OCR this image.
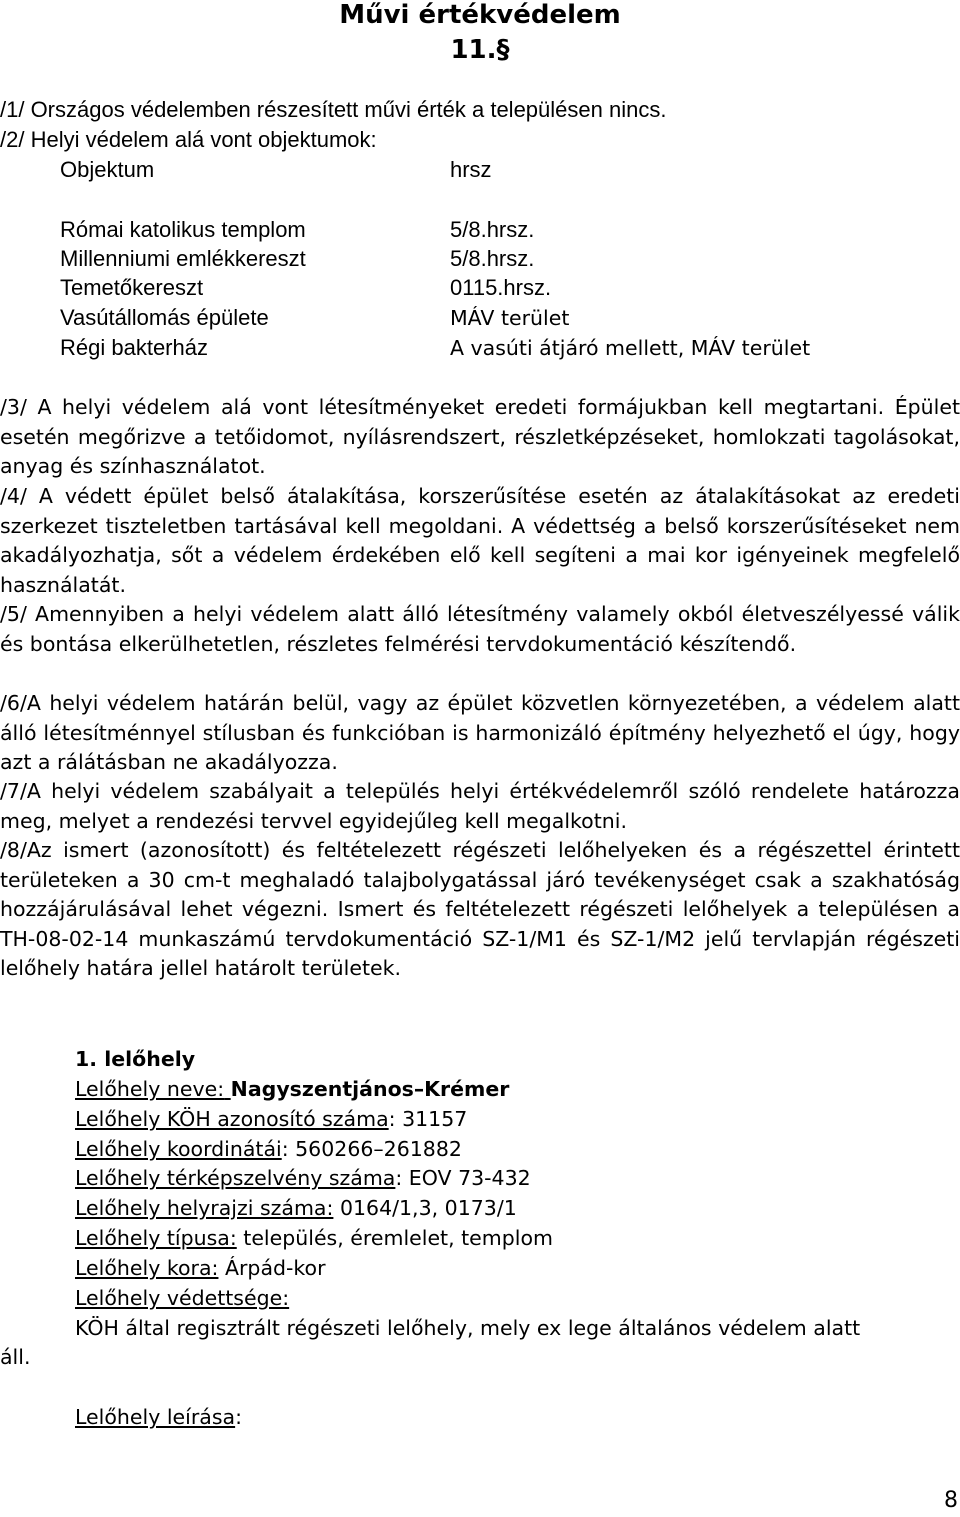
Művi értékvédelem
11.§
/1/ Országos védelemben részesített művi érték a településen nincs.
/2/ Helyi védelem alá vont objektumok:
Objektum	hrsz
Római katolikus templom	5/8.hrsz.
Millenniumi emlékkereszt	5/8.hrsz.
Temetőkereszt	0115.hrsz.
Vasútállomás épülete	MÁV terület
Régi bakterház	A vasúti átjáró mellett, MÁV terület
/3/ A helyi védelem alá vont létesítményeket eredeti formájukban kell megtartani. Épület esetén megőrizve a tetőidomot, nyílásrendszert, részletképzéseket, homlokzati tagolásokat, anyag és színhasználatot.
/4/ A védett épület belső átalakítása, korszerűsítése esetén az átalakításokat az eredeti szerkezet tiszteletben tartásával kell megoldani. A védettség a belső korszerűsítéseket nem akadályozhatja, sőt a védelem érdekében elő kell segíteni a mai kor igényeinek megfelelő használatát.
/5/ Amennyiben a helyi védelem alatt álló létesítmény valamely okból életveszélyessé válik és bontása elkerülhetetlen, részletes felmérési tervdokumentáció készítendő.
/6/A helyi védelem határán belül, vagy az épület közvetlen környezetében, a védelem alatt álló létesítménnyel stílusban és funkcióban is harmonizáló építmény helyezhető el úgy, hogy azt a rálátásban ne akadályozza.
/7/A helyi védelem szabályait a település helyi értékvédelemről szóló rendelete határozza meg, melyet a rendezési tervvel egyidejűleg kell megalkotni.
/8/Az ismert (azonosított) és feltételezett régészeti lelőhelyeken és a régészettel érintett területeken a 30 cm-t meghaladó talajbolygatással járó tevékenységet csak a szakhatóság hozzájárulásával lehet végezni. Ismert és feltételezett régészeti lelőhelyek a településen a TH-08-02-14 munkaszámú tervdokumentáció SZ-1/M1 és SZ-1/M2 jelű tervlapján régészeti lelőhely határa jellel határolt területek.
1. lelőhely
Lelőhely neve: Nagyszentjános–Krémer
Lelőhely KÖH azonosító száma: 31157
Lelőhely koordinátái: 560266–261882
Lelőhely térképszelvény száma: EOV 73-432
Lelőhely helyrajzi száma: 0164/1,3, 0173/1
Lelőhely típusa: település, éremlelet, templom
Lelőhely kora: Árpád-kor
Lelőhely védettsége:
KÖH által regisztrált régészeti lelőhely, mely ex lege általános védelem alatt
áll.
Lelőhely leírása:
8
